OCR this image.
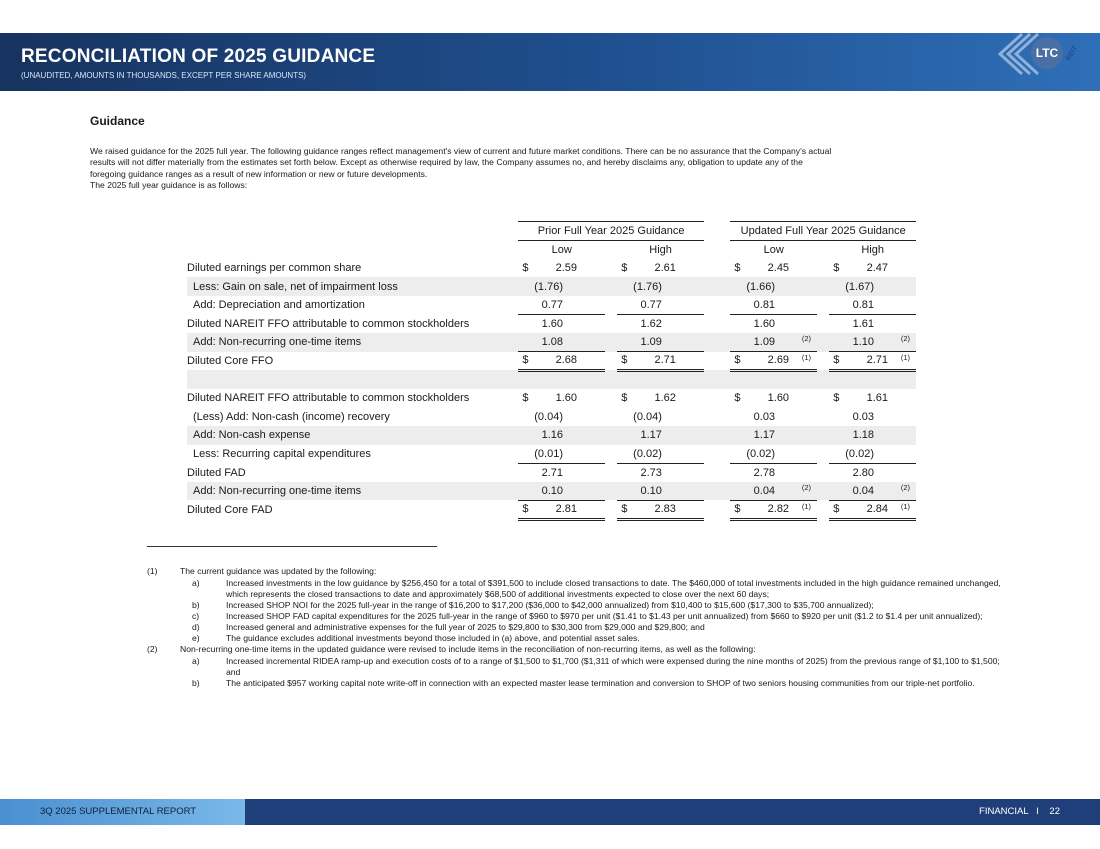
RECONCILIATION OF 2025 GUIDANCE
(UNAUDITED, AMOUNTS IN THOUSANDS, EXCEPT PER SHARE AMOUNTS)
LTC REIT
Guidance
We raised guidance for the 2025 full year. The following guidance ranges reflect management's view of current and future market conditions. There can be no assurance that the Company's actual
results will not differ materially from the estimates set forth below. Except as otherwise required by law, the Company assumes no, and hereby disclaims any, obligation to update any of the
foregoing guidance ranges as a result of new information or new or future developments.
The 2025 full year guidance is as follows:
		Prior Full Year 2025 Guidance				Updated Full Year 2025 Guidance		
		Low		High		Low		High
Diluted earnings per common share		$ 2.59		$ 2.61		$ 2.45		$ 2.47

Less: Gain on sale, net of impairment loss		(1.76)		(1.76)		(1.66)		(1.67)

Add: Depreciation and amortization		0.77		0.77		0.81		0.81

Diluted NAREIT FFO attributable to common stockholders		1.60		1.62		1.60		1.61

Add: Non-recurring one-time items		1.08		1.09		1.09 (2)		1.10 (2)

Diluted Core FFO		$ 2.68		$ 2.71		$ 2.69 (1)		$ 2.71 (1)

Diluted NAREIT FFO attributable to common stockholders		$ 1.60		$ 1.62		$ 1.60		$ 1.61

(Less) Add: Non-cash (income) recovery		(0.04)		(0.04)		0.03		0.03

Add: Non-cash expense		1.16		1.17		1.17		1.18

Less: Recurring capital expenditures		(0.01)		(0.02)		(0.02)		(0.02)

Diluted FAD		2.71		2.73		2.78		2.80

Add: Non-recurring one-time items		0.10		0.10		0.04 (2)		0.04 (2)

Diluted Core FAD		$ 2.81		$ 2.83		$ 2.82 (1)		$ 2.84 (1)
(1)	The current guidance was updated by the following:
a)	Increased investments in the low guidance by $256,450 for a total of $391,500 to include closed transactions to date. The $460,000 of total investments included in the high guidance remained unchanged, which represents the closed transactions to date and approximately $68,500 of additional investments expected to close over the next 60 days;
b)	Increased SHOP NOI for the 2025 full-year in the range of $16,200 to $17,200 ($36,000 to $42,000 annualized) from $10,400 to $15,600 ($17,300 to $35,700 annualized);
c)	Increased SHOP FAD capital expenditures for the 2025 full-year in the range of $960 to $970 per unit ($1.41 to $1.43 per unit annualized) from $660 to $920 per unit ($1.2 to $1.4 per unit annualized);
d)	Increased general and administrative expenses for the full year of 2025 to $29,800 to $30,300 from $29,000 and $29,800; and
e)	The guidance excludes additional investments beyond those included in (a) above, and potential asset sales.
(2)	Non-recurring one-time items in the updated guidance were revised to include items in the reconciliation of non-recurring items, as well as the following:
a)	Increased incremental RIDEA ramp-up and execution costs of to a range of $1,500 to $1,700 ($1,311 of which were expensed during the nine months of 2025) from the previous range of $1,100 to $1,500; and
b)	The anticipated $957 working capital note write-off in connection with an expected master lease termination and conversion to SHOP of two seniors housing communities from our triple-net portfolio.
3Q 2025 SUPPLEMENTAL REPORT	FINANCIAL I 22
